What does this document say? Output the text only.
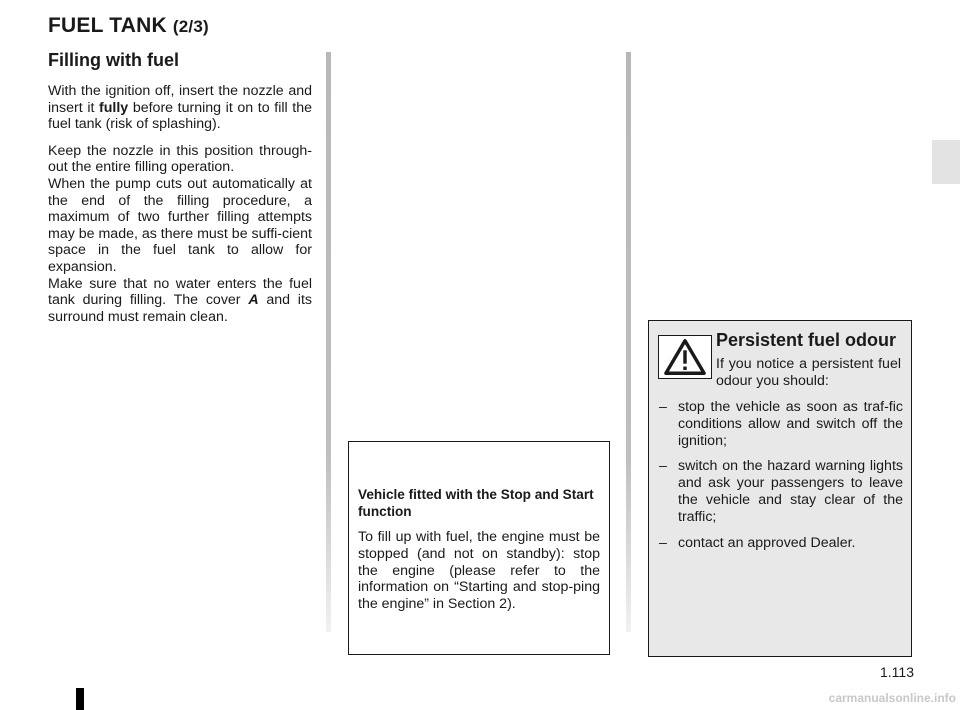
FUEL TANK (2/3)
Filling with fuel

With the ignition off, insert the nozzle and insert it fully before turning it on to fill the fuel tank (risk of splashing).

Keep the nozzle in this position through-out the entire filling operation.
When the pump cuts out automatically at the end of the filling procedure, a maximum of two further filling attempts may be made, as there must be suffi-cient space in the fuel tank to allow for expansion.

Make sure that no water enters the fuel tank during filling. The cover A and its surround must remain clean.

Vehicle fitted with the Stop and Start function

To fill up with fuel, the engine must be stopped (and not on standby): stop the engine (please refer to the information on “Starting and stop-ping the engine” in Section 2).

Persistent fuel odour
If you notice a persistent fuel odour you should:
– stop the vehicle as soon as traf-fic conditions allow and switch off the ignition;
– switch on the hazard warning lights and ask your passengers to leave the vehicle and stay clear of the traffic;
– contact an approved Dealer.
1.113
carmanualsonline.info
